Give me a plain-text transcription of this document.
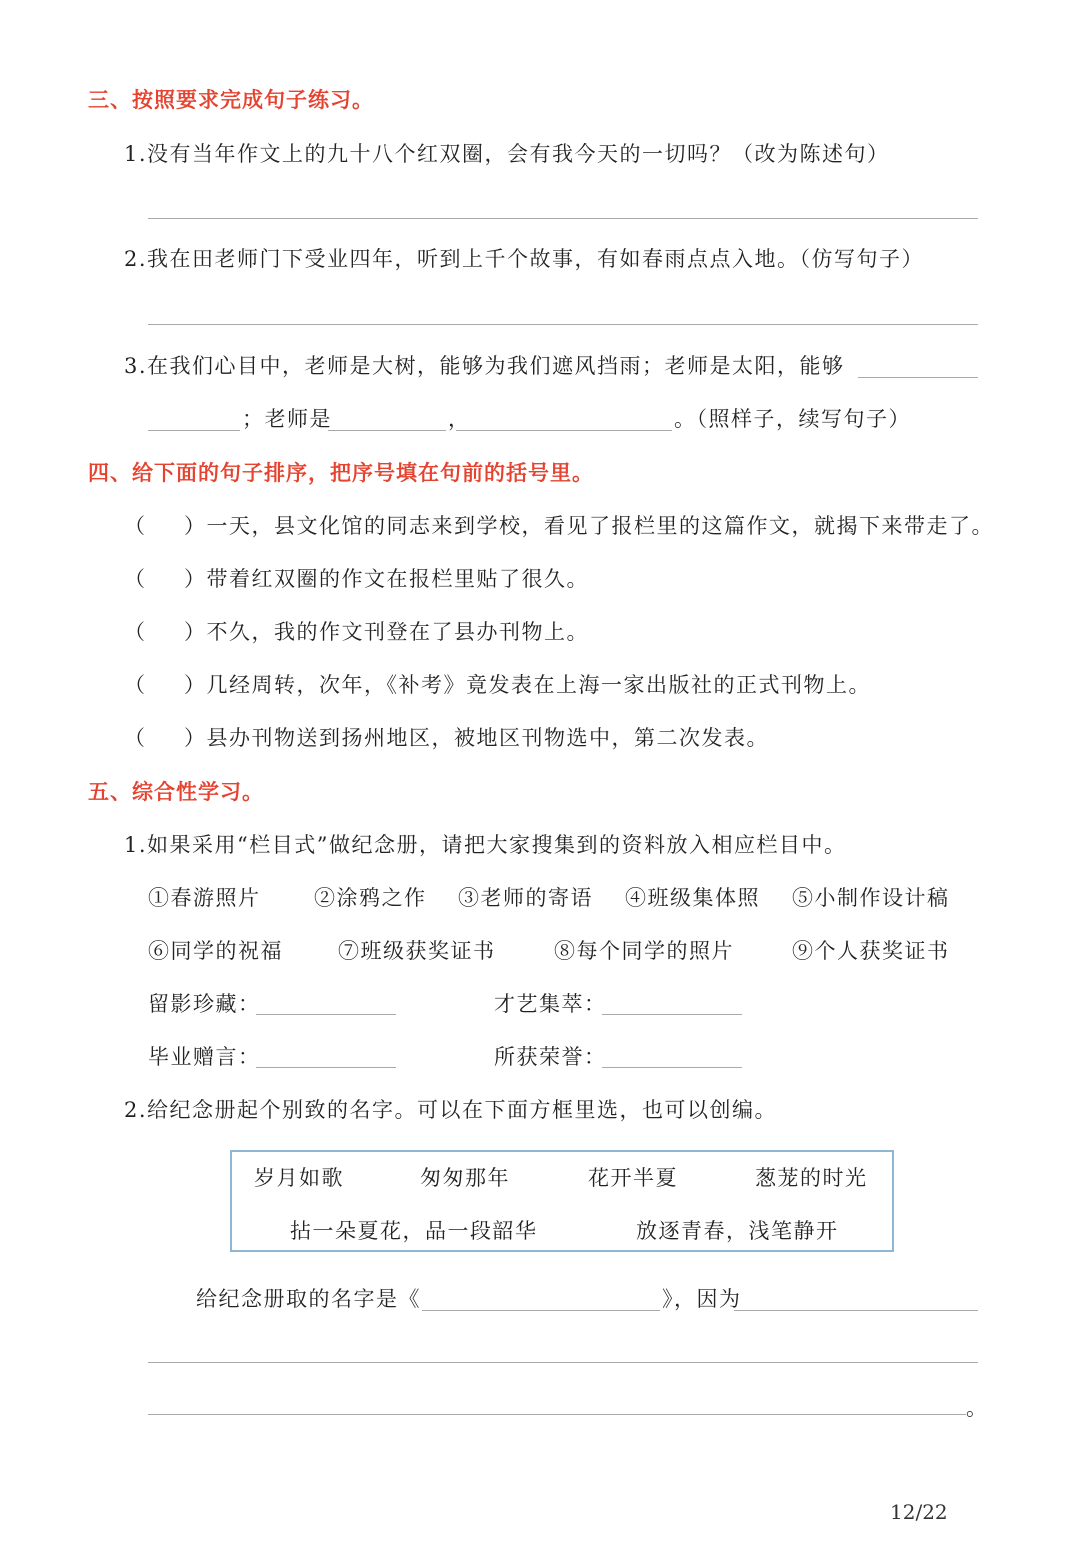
三、按照要求完成句子练习。
1.没有当年作文上的九十八个红双圈，会有我今天的一切吗？（改为陈述句）
2.我在田老师门下受业四年，听到上千个故事，有如春雨点点入地。（仿写句子）
3.在我们心目中，老师是大树，能够为我们遮风挡雨；老师是太阳，能够
；老师是	，	。（照样子，续写句子）
四、给下面的句子排序，把序号填在句前的括号里。
（ ）一天，县文化馆的同志来到学校，看见了报栏里的这篇作文，就揭下来带走了。
（ ）带着红双圈的作文在报栏里贴了很久。
（ ）不久，我的作文刊登在了县办刊物上。
（ ）几经周转，次年，《补考》竟发表在上海一家出版社的正式刊物上。
（ ）县办刊物送到扬州地区，被地区刊物选中，第二次发表。
五、综合性学习。
1.如果采用“栏目式”做纪念册，请把大家搜集到的资料放入相应栏目中。
①春游照片	②涂鸦之作 ③老师的寄语 ④班级集体照 ⑤小制作设计稿
⑥同学的祝福	⑦班级获奖证书	⑧每个同学的照片	⑨个人获奖证书
留影珍藏：	才艺集萃：
毕业赠言：	所获荣誉：
2.给纪念册起个别致的名字。可以在下面方框里选，也可以创编。
岁月如歌	匆匆那年	花开半夏	葱茏的时光
拈一朵夏花，品一段韶华	放逐青春，浅笔静开
给纪念册取的名字是《	》，因为
。
12/22
